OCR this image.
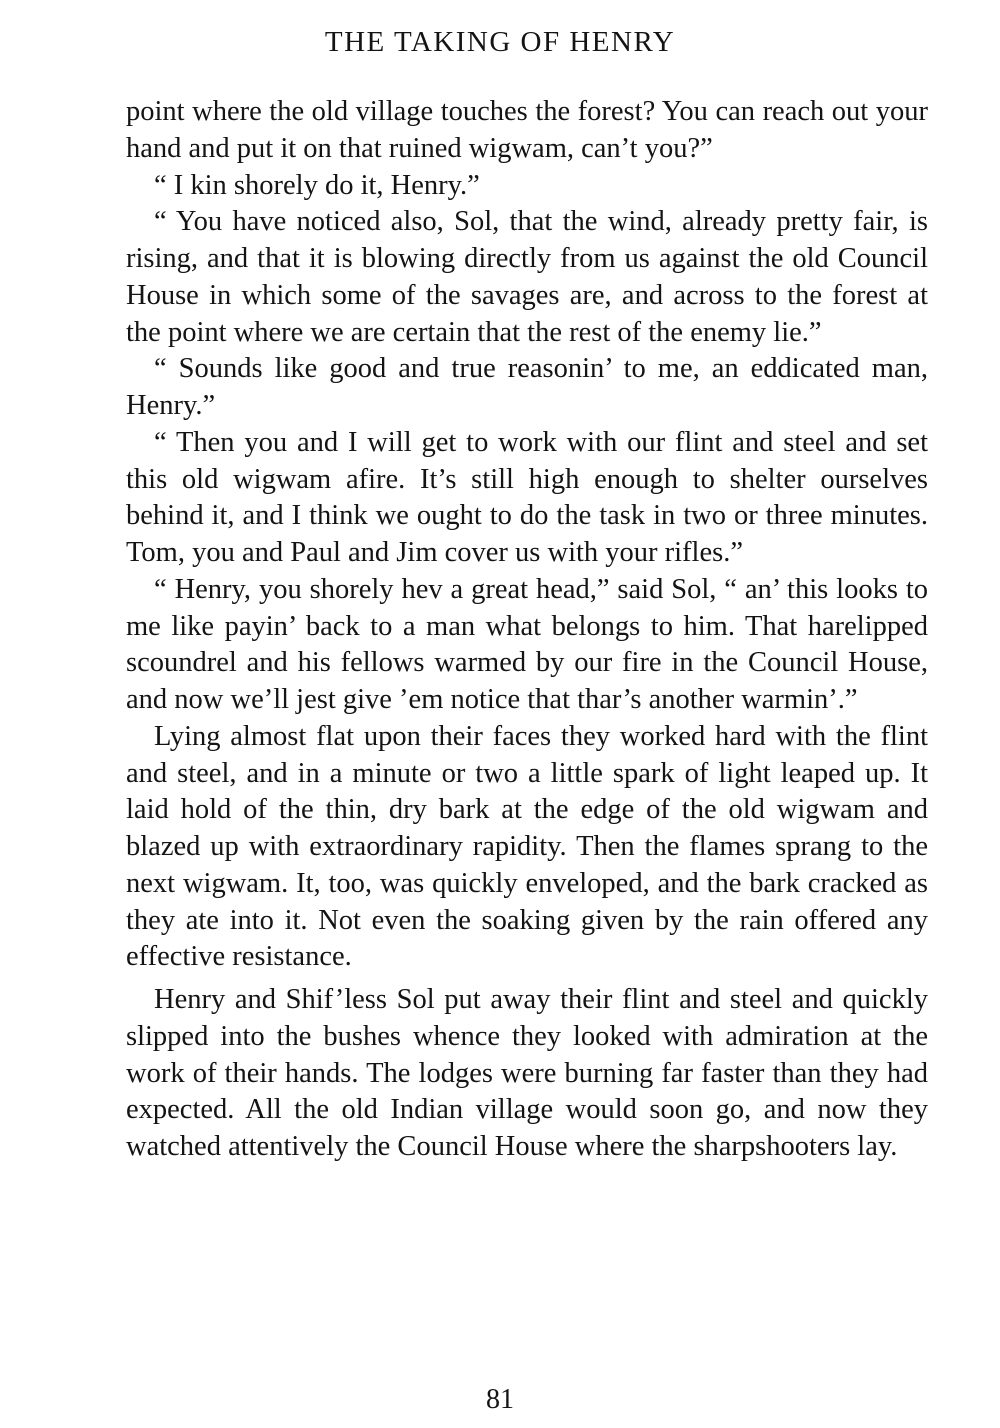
THE TAKING OF HENRY

point where the old village touches the forest? You can reach out your hand and put it on that ruined wigwam, can’t you?”

“ I kin shorely do it, Henry.”

“ You have noticed also, Sol, that the wind, already pretty fair, is rising, and that it is blowing directly from us against the old Council House in which some of the savages are, and across to the forest at the point where we are certain that the rest of the enemy lie.”

“ Sounds like good and true reasonin’ to me, an eddicated man, Henry.”

“ Then you and I will get to work with our flint and steel and set this old wigwam afire. It’s still high enough to shelter ourselves behind it, and I think we ought to do the task in two or three minutes. Tom, you and Paul and Jim cover us with your rifles.”

“ Henry, you shorely hev a great head,” said Sol, “ an’ this looks to me like payin’ back to a man what belongs to him. That harelipped scoundrel and his fellows warmed by our fire in the Council House, and now we’ll jest give ’em notice that thar’s another warmin’.”

Lying almost flat upon their faces they worked hard with the flint and steel, and in a minute or two a little spark of light leaped up. It laid hold of the thin, dry bark at the edge of the old wigwam and blazed up with extraordinary rapidity. Then the flames sprang to the next wigwam. It, too, was quickly enveloped, and the bark cracked as they ate into it. Not even the soaking given by the rain offered any effective resistance.

Henry and Shif’less Sol put away their flint and steel and quickly slipped into the bushes whence they looked with admiration at the work of their hands. The lodges were burning far faster than they had expected. All the old Indian village would soon go, and now they watched attentively the Council House where the sharpshooters lay.

81
